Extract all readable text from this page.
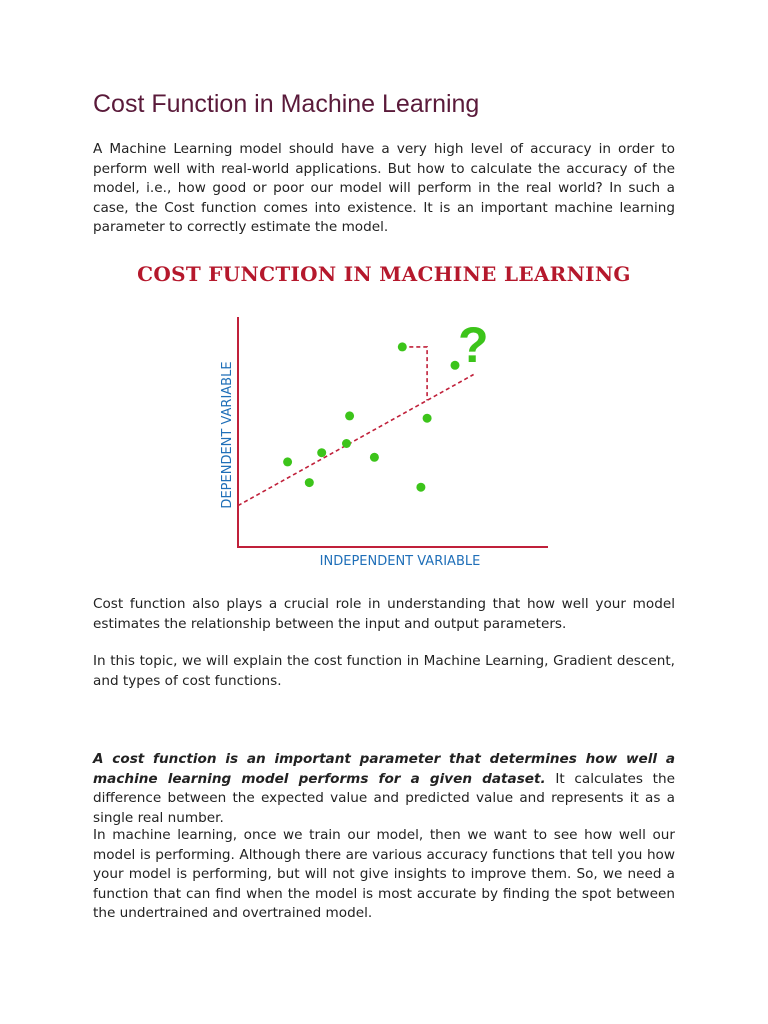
Cost Function in Machine Learning

A Machine Learning model should have a very high level of accuracy in order to perform well with real-world applications. But how to calculate the accuracy of the model, i.e., how good or poor our model will perform in the real world? In such a case, the Cost function comes into existence. It is an important machine learning parameter to correctly estimate the model.

COST FUNCTION IN MACHINE LEARNING
?
INDEPENDENT VARIABLE
DEPENDENT VARIABLE

Cost function also plays a crucial role in understanding that how well your model estimates the relationship between the input and output parameters.

In this topic, we will explain the cost function in Machine Learning, Gradient descent, and types of cost functions.

A cost function is an important parameter that determines how well a machine learning model performs for a given dataset. It calculates the difference between the expected value and predicted value and represents it as a single real number.

In machine learning, once we train our model, then we want to see how well our model is performing. Although there are various accuracy functions that tell you how your model is performing, but will not give insights to improve them. So, we need a function that can find when the model is most accurate by finding the spot between the undertrained and overtrained model.
